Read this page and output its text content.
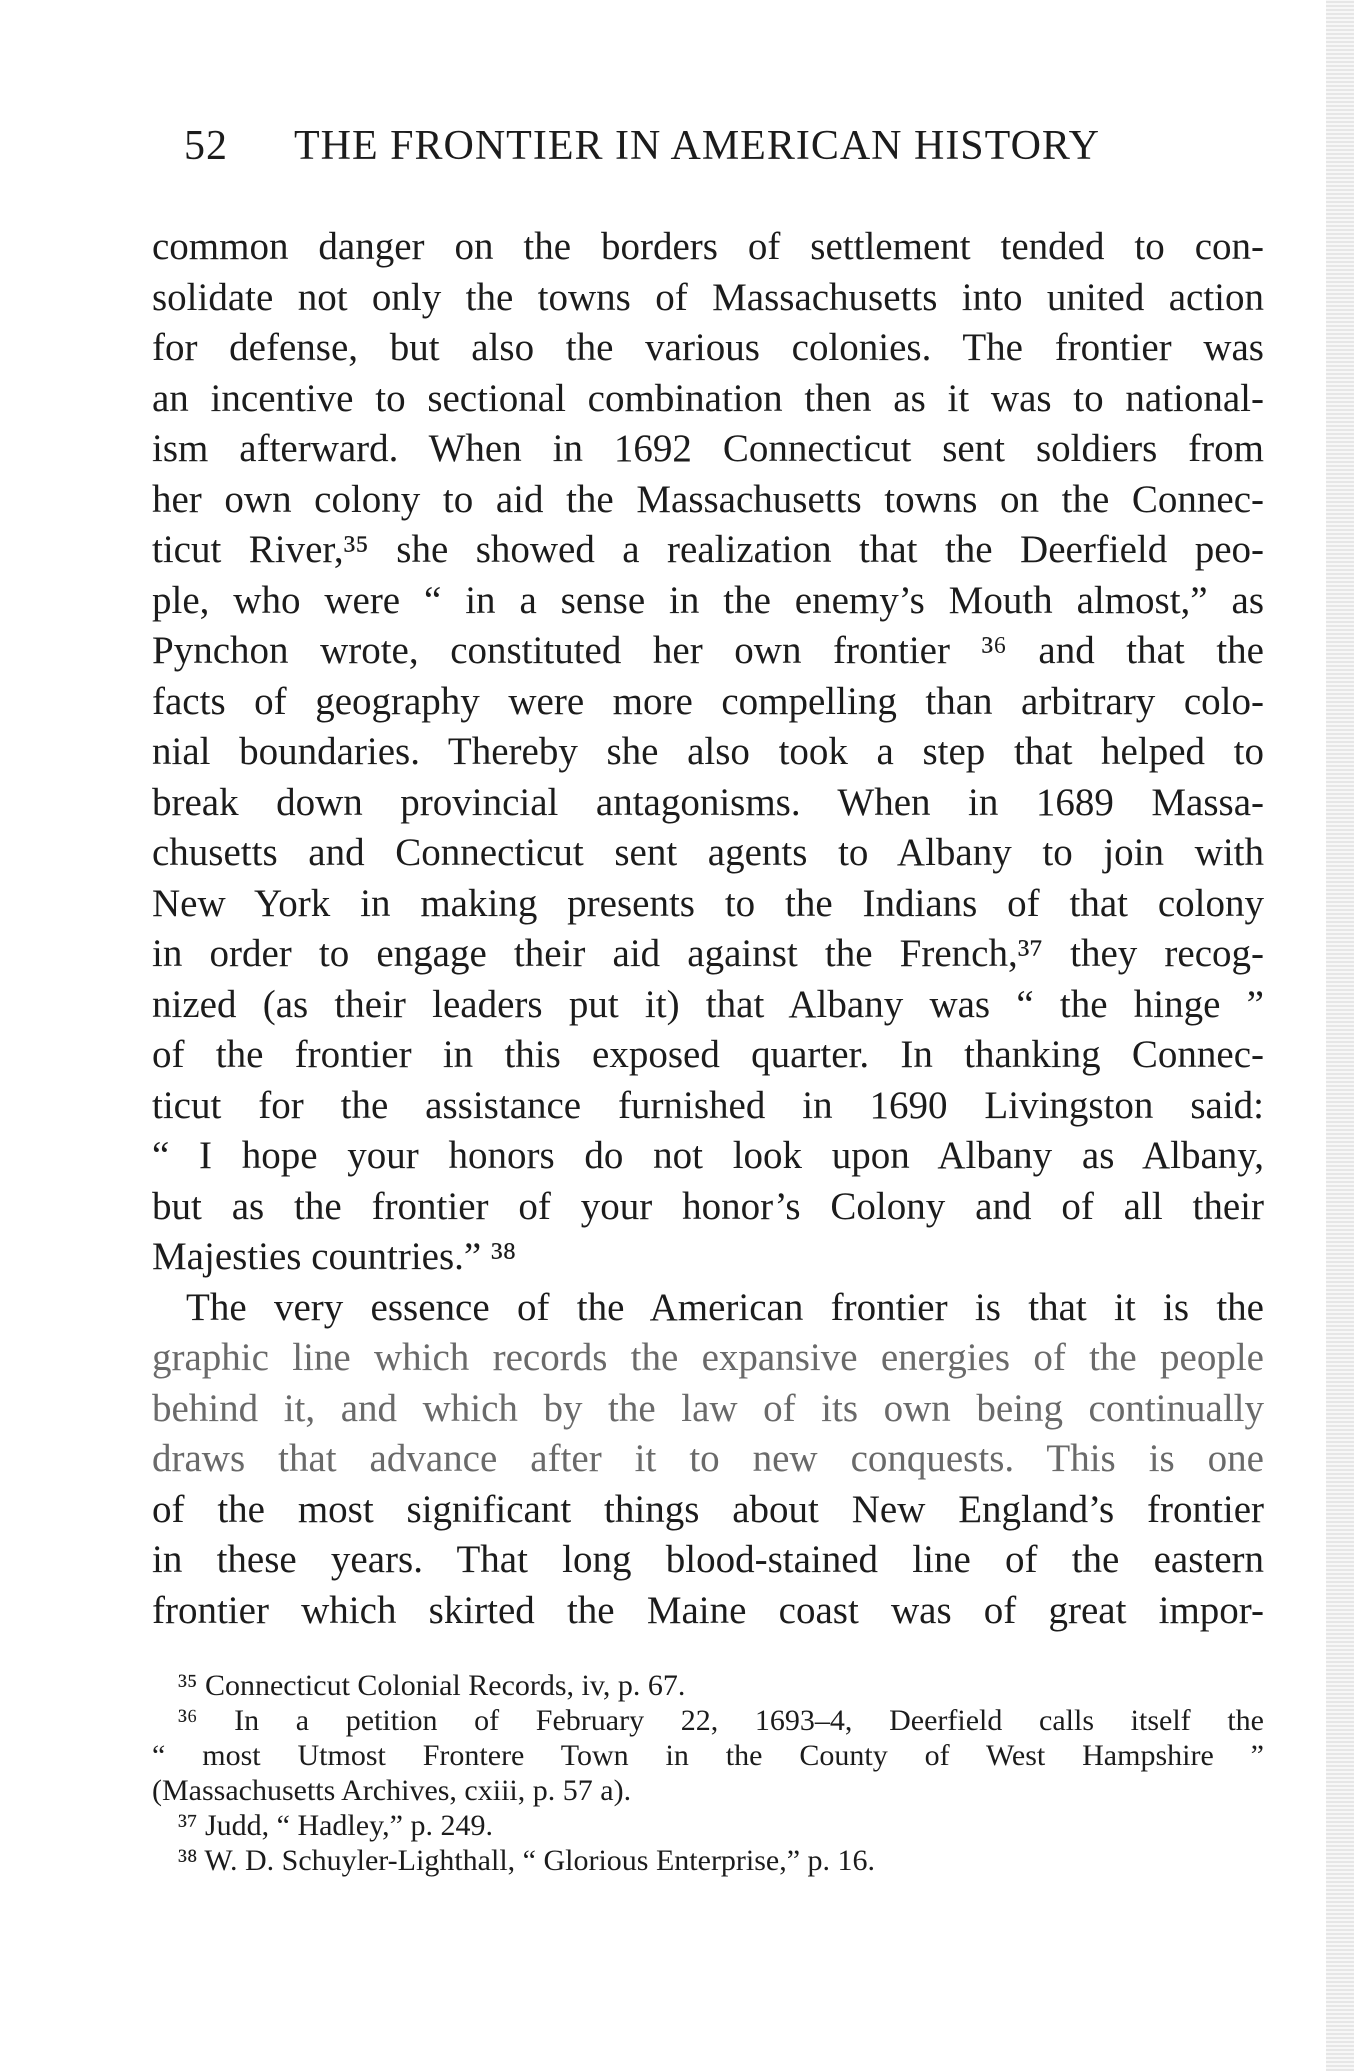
52 THE FRONTIER IN AMERICAN HISTORY
common danger on the borders of settlement tended to con-
solidate not only the towns of Massachusetts into united action
for defense, but also the various colonies. The frontier was
an incentive to sectional combination then as it was to national-
ism afterward. When in 1692 Connecticut sent soldiers from
her own colony to aid the Massachusetts towns on the Connec-
ticut River,³⁵ she showed a realization that the Deerfield peo-
ple, who were “ in a sense in the enemy’s Mouth almost,” as
Pynchon wrote, constituted her own frontier ³⁶ and that the
facts of geography were more compelling than arbitrary colo-
nial boundaries. Thereby she also took a step that helped to
break down provincial antagonisms. When in 1689 Massa-
chusetts and Connecticut sent agents to Albany to join with
New York in making presents to the Indians of that colony
in order to engage their aid against the French,³⁷ they recog-
nized (as their leaders put it) that Albany was “ the hinge ”
of the frontier in this exposed quarter. In thanking Connec-
ticut for the assistance furnished in 1690 Livingston said:
“ I hope your honors do not look upon Albany as Albany,
but as the frontier of your honor’s Colony and of all their
Majesties countries.” ³⁸
The very essence of the American frontier is that it is the
graphic line which records the expansive energies of the people
behind it, and which by the law of its own being continually
draws that advance after it to new conquests. This is one
of the most significant things about New England’s frontier
in these years. That long blood-stained line of the eastern
frontier which skirted the Maine coast was of great impor-
³⁵ Connecticut Colonial Records, iv, p. 67.
³⁶ In a petition of February 22, 1693–4, Deerfield calls itself the
“ most Utmost Frontere Town in the County of West Hampshire ”
(Massachusetts Archives, cxiii, p. 57 a).
³⁷ Judd, “ Hadley,” p. 249.
³⁸ W. D. Schuyler-Lighthall, “ Glorious Enterprise,” p. 16.
